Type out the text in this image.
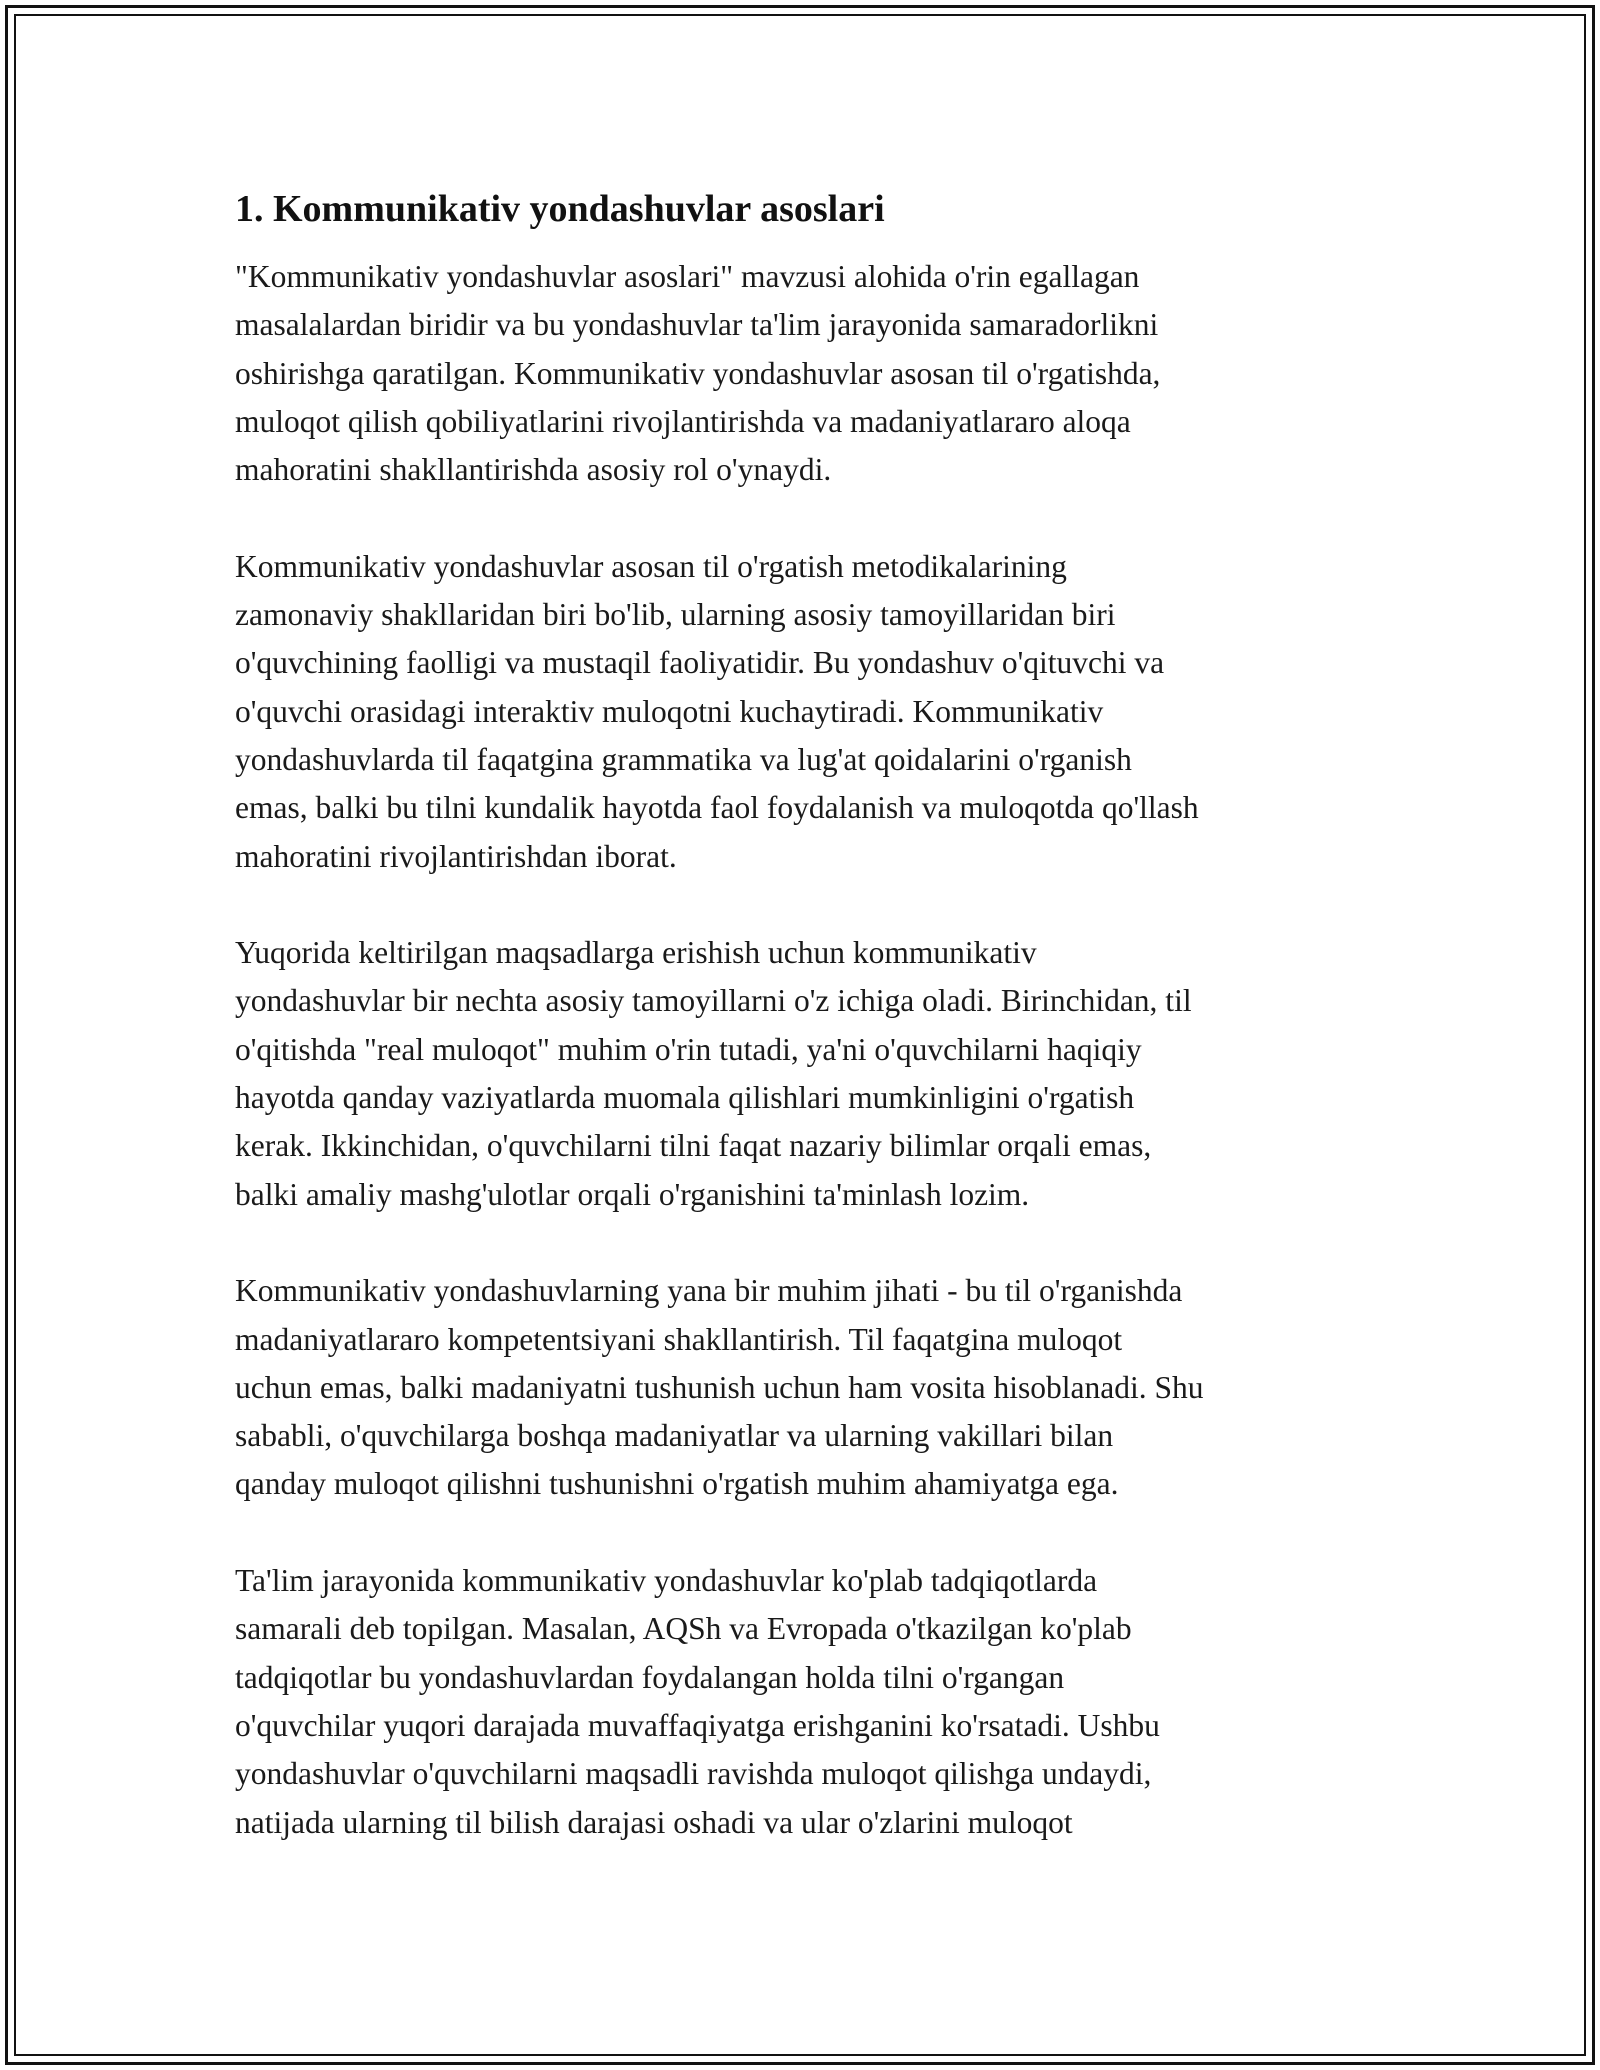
1. Kommunikativ yondashuvlar asoslari

"Kommunikativ yondashuvlar asoslari" mavzusi alohida o'rin egallagan
masalalardan biridir va bu yondashuvlar ta'lim jarayonida samaradorlikni
oshirishga qaratilgan. Kommunikativ yondashuvlar asosan til o'rgatishda,
muloqot qilish qobiliyatlarini rivojlantirishda va madaniyatlararo aloqa
mahoratini shakllantirishda asosiy rol o'ynaydi.

Kommunikativ yondashuvlar asosan til o'rgatish metodikalarining
zamonaviy shakllaridan biri bo'lib, ularning asosiy tamoyillaridan biri
o'quvchining faolligi va mustaqil faoliyatidir. Bu yondashuv o'qituvchi va
o'quvchi orasidagi interaktiv muloqotni kuchaytiradi. Kommunikativ
yondashuvlarda til faqatgina grammatika va lug'at qoidalarini o'rganish
emas, balki bu tilni kundalik hayotda faol foydalanish va muloqotda qo'llash
mahoratini rivojlantirishdan iborat.

Yuqorida keltirilgan maqsadlarga erishish uchun kommunikativ
yondashuvlar bir nechta asosiy tamoyillarni o'z ichiga oladi. Birinchidan, til
o'qitishda "real muloqot" muhim o'rin tutadi, ya'ni o'quvchilarni haqiqiy
hayotda qanday vaziyatlarda muomala qilishlari mumkinligini o'rgatish
kerak. Ikkinchidan, o'quvchilarni tilni faqat nazariy bilimlar orqali emas,
balki amaliy mashg'ulotlar orqali o'rganishini ta'minlash lozim.

Kommunikativ yondashuvlarning yana bir muhim jihati - bu til o'rganishda
madaniyatlararo kompetentsiyani shakllantirish. Til faqatgina muloqot
uchun emas, balki madaniyatni tushunish uchun ham vosita hisoblanadi. Shu
sababli, o'quvchilarga boshqa madaniyatlar va ularning vakillari bilan
qanday muloqot qilishni tushunishni o'rgatish muhim ahamiyatga ega.

Ta'lim jarayonida kommunikativ yondashuvlar ko'plab tadqiqotlarda
samarali deb topilgan. Masalan, AQSh va Evropada o'tkazilgan ko'plab
tadqiqotlar bu yondashuvlardan foydalangan holda tilni o'rgangan
o'quvchilar yuqori darajada muvaffaqiyatga erishganini ko'rsatadi. Ushbu
yondashuvlar o'quvchilarni maqsadli ravishda muloqot qilishga undaydi,
natijada ularning til bilish darajasi oshadi va ular o'zlarini muloqot
